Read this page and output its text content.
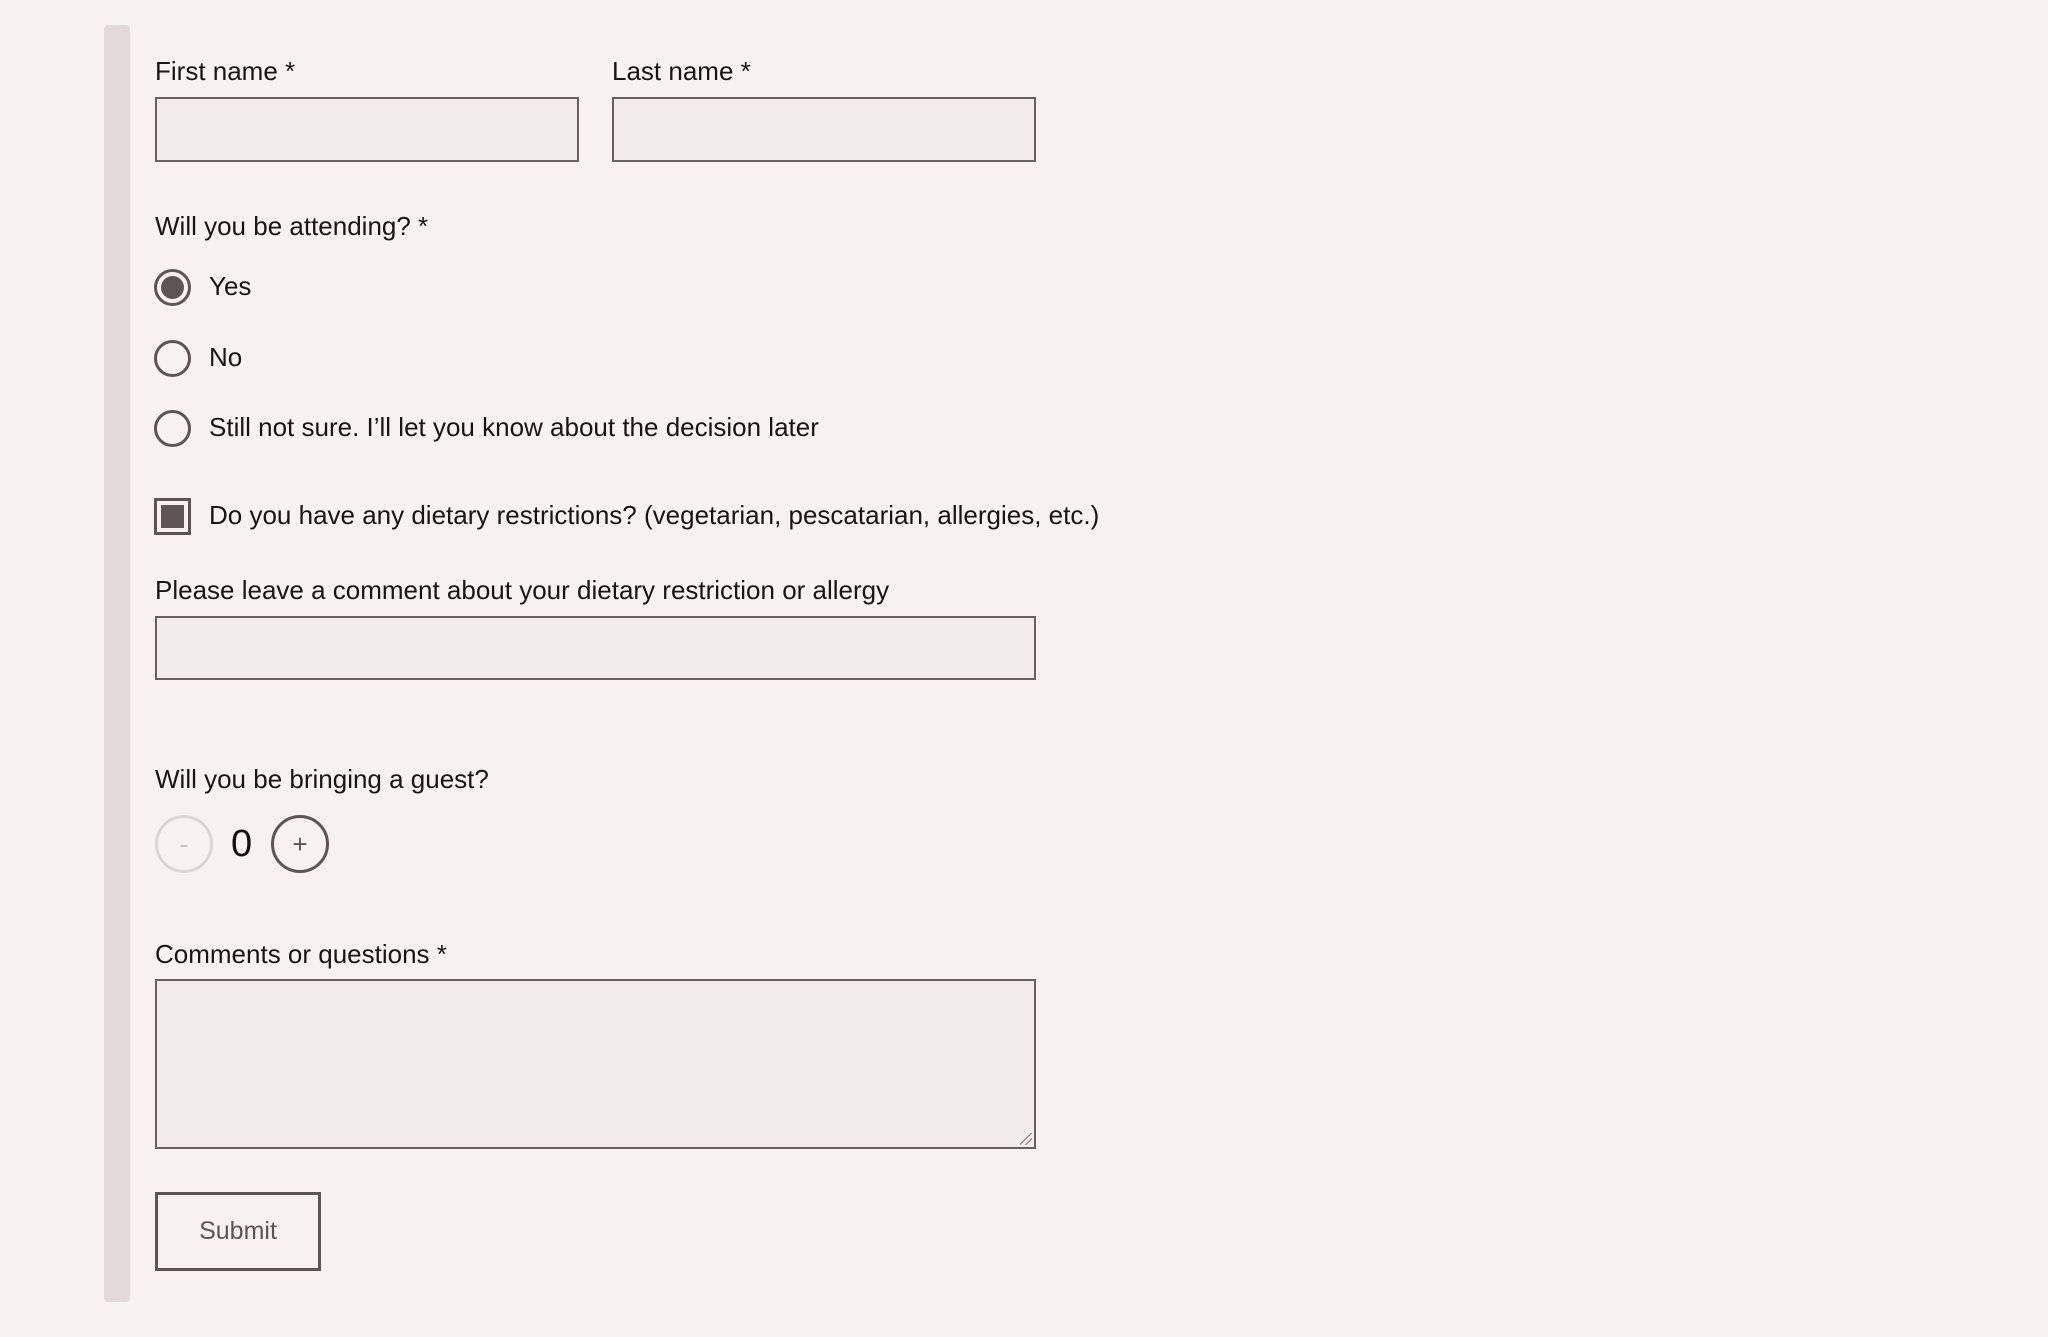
First name *	Last name *
Will you be attending? *
Yes
No
Still not sure. I’ll let you know about the decision later
Do you have any dietary restrictions? (vegetarian, pescatarian, allergies, etc.)
Please leave a comment about your dietary restriction or allergy
Will you be bringing a guest?
- 0 +
Comments or questions *
Submit
